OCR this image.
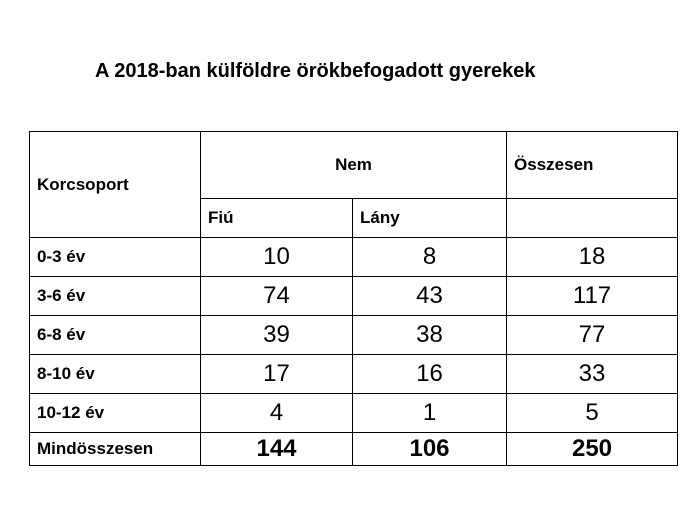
A 2018-ban külföldre örökbefogadott gyerekek
Korcsoport	Nem		Összesen
	Fiú	Lány	
0-3 év	10	8	18
3-6 év	74	43	117
6-8 év	39	38	77
8-10 év	17	16	33
10-12 év	4	1	5
Mindösszesen	144	106	250
